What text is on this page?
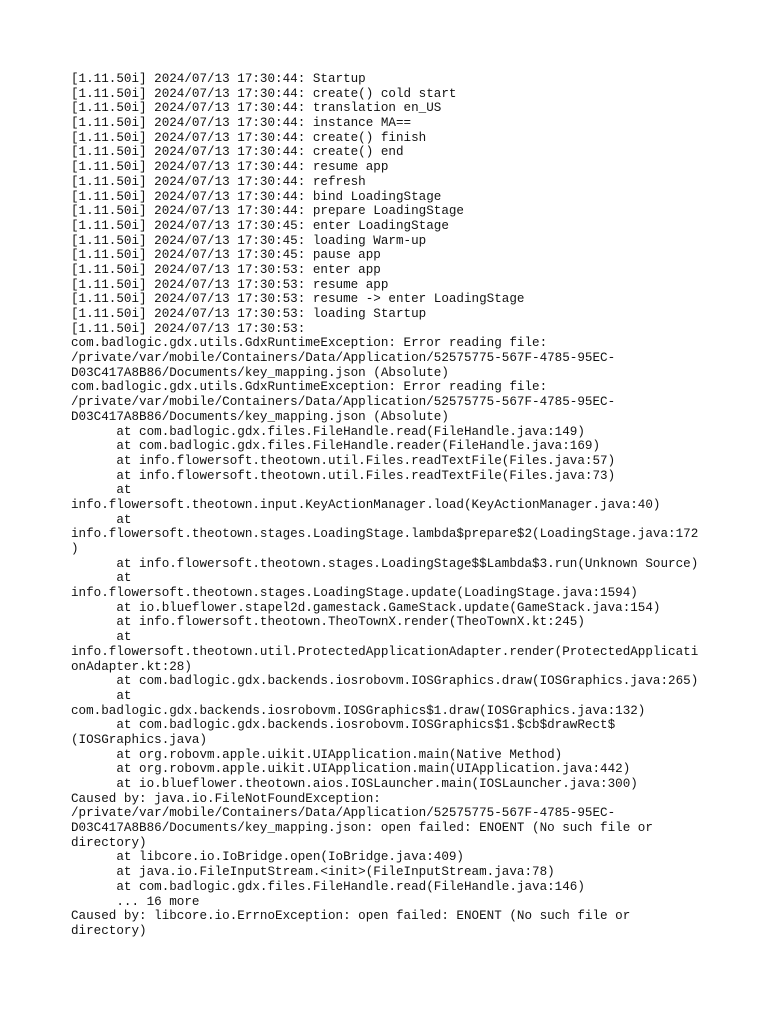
[1.11.50i] 2024/07/13 17:30:44: Startup
[1.11.50i] 2024/07/13 17:30:44: create() cold start
[1.11.50i] 2024/07/13 17:30:44: translation en_US
[1.11.50i] 2024/07/13 17:30:44: instance MA==
[1.11.50i] 2024/07/13 17:30:44: create() finish
[1.11.50i] 2024/07/13 17:30:44: create() end
[1.11.50i] 2024/07/13 17:30:44: resume app
[1.11.50i] 2024/07/13 17:30:44: refresh
[1.11.50i] 2024/07/13 17:30:44: bind LoadingStage
[1.11.50i] 2024/07/13 17:30:44: prepare LoadingStage
[1.11.50i] 2024/07/13 17:30:45: enter LoadingStage
[1.11.50i] 2024/07/13 17:30:45: loading Warm-up
[1.11.50i] 2024/07/13 17:30:45: pause app
[1.11.50i] 2024/07/13 17:30:53: enter app
[1.11.50i] 2024/07/13 17:30:53: resume app
[1.11.50i] 2024/07/13 17:30:53: resume -> enter LoadingStage
[1.11.50i] 2024/07/13 17:30:53: loading Startup
[1.11.50i] 2024/07/13 17:30:53:
com.badlogic.gdx.utils.GdxRuntimeException: Error reading file:
/private/var/mobile/Containers/Data/Application/52575775-567F-4785-95EC-
D03C417A8B86/Documents/key_mapping.json (Absolute)
com.badlogic.gdx.utils.GdxRuntimeException: Error reading file:
/private/var/mobile/Containers/Data/Application/52575775-567F-4785-95EC-
D03C417A8B86/Documents/key_mapping.json (Absolute)
at com.badlogic.gdx.files.FileHandle.read(FileHandle.java:149)
at com.badlogic.gdx.files.FileHandle.reader(FileHandle.java:169)
at info.flowersoft.theotown.util.Files.readTextFile(Files.java:57)
at info.flowersoft.theotown.util.Files.readTextFile(Files.java:73)
at
info.flowersoft.theotown.input.KeyActionManager.load(KeyActionManager.java:40)
at
info.flowersoft.theotown.stages.LoadingStage.lambda$prepare$2(LoadingStage.java:172
)
at info.flowersoft.theotown.stages.LoadingStage$$Lambda$3.run(Unknown Source)
at
info.flowersoft.theotown.stages.LoadingStage.update(LoadingStage.java:1594)
at io.blueflower.stapel2d.gamestack.GameStack.update(GameStack.java:154)
at info.flowersoft.theotown.TheoTownX.render(TheoTownX.kt:245)
at
info.flowersoft.theotown.util.ProtectedApplicationAdapter.render(ProtectedApplicati
onAdapter.kt:28)
at com.badlogic.gdx.backends.iosrobovm.IOSGraphics.draw(IOSGraphics.java:265)
at
com.badlogic.gdx.backends.iosrobovm.IOSGraphics$1.draw(IOSGraphics.java:132)
at com.badlogic.gdx.backends.iosrobovm.IOSGraphics$1.$cb$drawRect$
(IOSGraphics.java)
at org.robovm.apple.uikit.UIApplication.main(Native Method)
at org.robovm.apple.uikit.UIApplication.main(UIApplication.java:442)
at io.blueflower.theotown.aios.IOSLauncher.main(IOSLauncher.java:300)
Caused by: java.io.FileNotFoundException:
/private/var/mobile/Containers/Data/Application/52575775-567F-4785-95EC-
D03C417A8B86/Documents/key_mapping.json: open failed: ENOENT (No such file or
directory)
at libcore.io.IoBridge.open(IoBridge.java:409)
at java.io.FileInputStream.<init>(FileInputStream.java:78)
at com.badlogic.gdx.files.FileHandle.read(FileHandle.java:146)
... 16 more
Caused by: libcore.io.ErrnoException: open failed: ENOENT (No such file or
directory)
